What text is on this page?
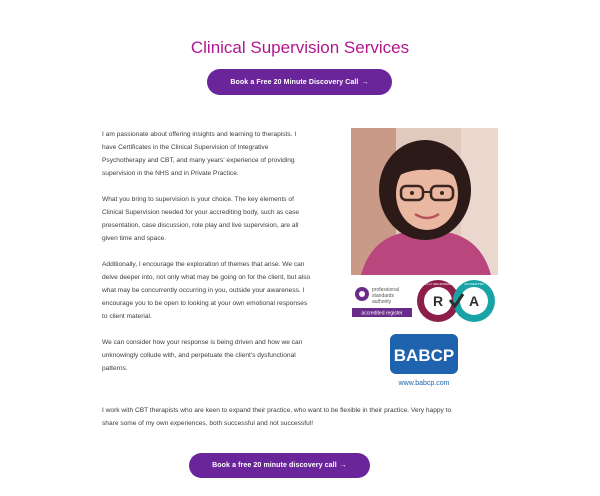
Clinical Supervision Services
Book a Free 20 Minute Discovery Call →

I am passionate about offering insights and learning to therapists. I have Certificates in the Clinical Supervision of Integrative Psychotherapy and CBT, and many years' experience of providing supervision in the NHS and in Private Practice.

What you bring to supervision is your choice. The key elements of Clinical Supervision needed for your accrediting body, such as case presentation, case discussion, role play and live supervision, are all given time and space.

Additionally, I encourage the exploration of themes that arise. We can delve deeper into, not only what may be going on for the client, but also what may be concurrently occurring in you, outside your awareness. I encourage you to be open to looking at your own emotional responses to client material.

We can consider how your response is being driven and how we can unknowingly collude with, and perpetuate the client's dysfunctional patterns.

I work with CBT therapists who are keen to expand their practice, who want to be flexible in their practice. Very happy to share some of my own experiences, both successful and not successful!

professional
standards
authority
accredited register
R
FULLY REGISTERED
A
ACCREDITED
BABCP
www.babcp.com
Book a free 20 minute discovery call →
